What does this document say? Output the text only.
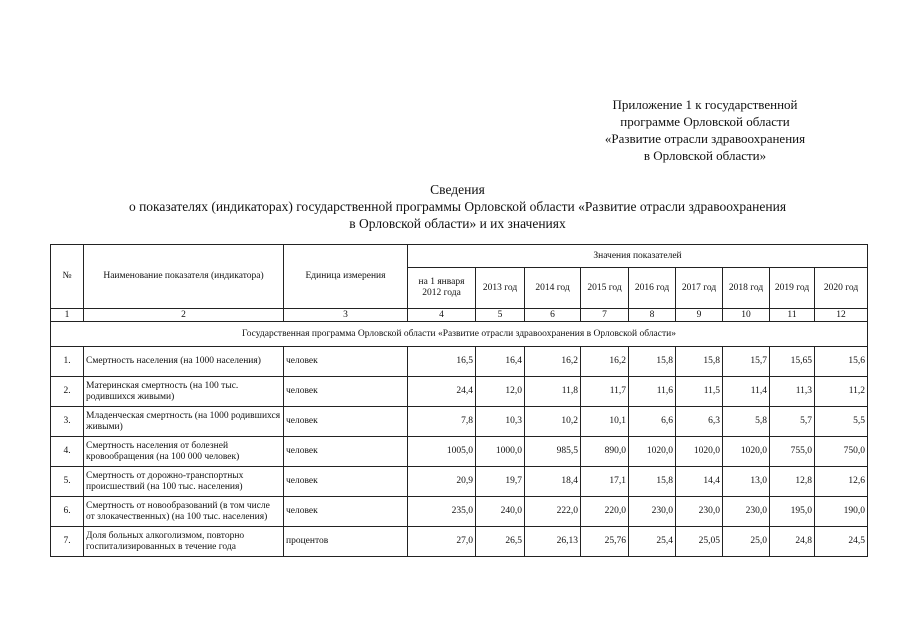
Приложение 1 к государственной
программе Орловской области
«Развитие отрасли здравоохранения
в Орловской области»
Сведения
о показателях (индикаторах) государственной программы Орловской области «Развитие отрасли здравоохранения
в Орловской области» и их значениях
№	Наименование показателя (индикатора)	Единица измерения	Значения показателей								
			на 1 января 2012 года	2013 год	2014 год	2015 год	2016 год	2017 год	2018 год	2019 год	2020 год
1	2	3	4	5	6	7	8	9	10	11	12
Государственная программа Орловской области «Развитие отрасли здравоохранения в Орловской области»											
1.	Смертность населения (на 1000 населения)	человек	16,5	16,4	16,2	16,2	15,8	15,8	15,7	15,65	15,6
2.	Материнская смертность (на 100 тыс. родившихся живыми)	человек	24,4	12,0	11,8	11,7	11,6	11,5	11,4	11,3	11,2
3.	Младенческая смертность (на 1000 родившихся живыми)	человек	7,8	10,3	10,2	10,1	6,6	6,3	5,8	5,7	5,5
4.	Смертность населения от болезней кровообращения (на 100 000 человек)	человек	1005,0	1000,0	985,5	890,0	1020,0	1020,0	1020,0	755,0	750,0
5.	Смертность от дорожно-транспортных происшествий (на 100 тыс. населения)	человек	20,9	19,7	18,4	17,1	15,8	14,4	13,0	12,8	12,6
6.	Смертность от новообразований (в том числе от злокачественных) (на 100 тыс. населения)	человек	235,0	240,0	222,0	220,0	230,0	230,0	230,0	195,0	190,0
7.	Доля больных алкоголизмом, повторно госпитализированных в течение года	процентов	27,0	26,5	26,13	25,76	25,4	25,05	25,0	24,8	24,5
